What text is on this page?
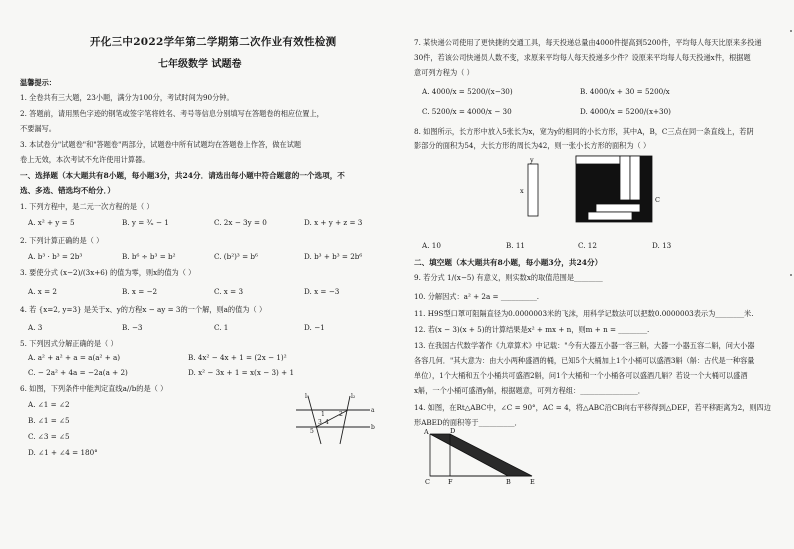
开化三中2022学年第二学期第二次作业有效性检测
七年级数学 试题卷
温馨提示：
1. 全卷共有三大题，23小题，满分为100分，考试时间为90分钟。
2. 答题前，请用黑色字迹的钢笔或签字笔将姓名、考号等信息分别填写在答题卷的相应位置上，
不要漏写。
3. 本试卷分"试题卷"和"答题卷"两部分，试题卷中所有试题均在答题卷上作答，做在试题
卷上无效，本次考试不允许使用计算器。
一、选择题（本大题共有8小题，每小题3分，共24分．请选出每小题中符合题意的一个选项，不
选、多选、错选均不给分．）
1. 下列方程中，是二元一次方程的是（ ）
A. x² + y = 5	B. y = ³⁄ₓ − 1	C. 2x − 3y = 0	D. x + y + z = 3
2. 下列计算正确的是（ ）
A. b³ · b³ = 2b³	B. b⁶ ÷ b³ = b²	C. (b²)³ = b⁶	D. b³ + b³ = 2b⁶
3. 要使分式 (x−2)/(3x+6) 的值为零，则x的值为（ ）
A. x = 2	B. x = −2	C. x = 3	D. x = −3
4. 若 {x=2, y=3} 是关于x、y的方程x − ay = 3的一个解，则a的值为（ ）
A. 3	B. −3	C. 1	D. −1
5. 下列因式分解正确的是（ ）
A. a² + a² + a = a(a² + a)	B. 4x² − 4x + 1 = (2x − 1)²
C. − 2a² + 4a = −2a(a + 2)	D. x² − 3x + 1 = x(x − 3) + 1
6. 如图，下列条件中能判定直线a//b的是（ ）
A. ∠1 = ∠2
B. ∠1 = ∠5
C. ∠3 = ∠5
D. ∠1 + ∠4 = 180°
l₁	l₂
1 2
3 4
5
a
b
7. 某快递公司使用了更快捷的交通工具，每天投递总量由4000件提高到5200件，平均每人每天比原来多投递
30件，若该公司快递员人数不变，求原来平均每人每天投递多少件？设原来平均每人每天投递x件，根据题
意可列方程为（ ）
A. 4000/x = 5200/(x−30)	B. 4000/x + 30 = 5200/x
C. 5200/x = 4000/x − 30	D. 4000/x = 5200/(x+30)
8. 如图所示，长方形中放入5张长为x，宽为y的相同的小长方形，其中A，B，C三点在同一条直线上，若阴
影部分的面积为54，大长方形的周长为42，则一张小长方形的面积为（ ）
y
x
C
A. 10	B. 11	C. 12	D. 13
二、填空题（本大题共有8小题，每小题3分，共24分）
9. 若分式 1/(x−5) 有意义，则实数x的取值范围是________
10. 分解因式：a² + 2a = __________.
11. H9S型口罩可阻隔直径为0.0000003米的飞沫，用科学记数法可以把数0.0000003表示为________米.
12. 若(x − 3)(x + 5)的计算结果是x² + mx + n，则m + n = ________.
13. 在我国古代数学著作《九章算术》中记载："今有大器五小器一容三斛，大器一小器五容二斛，问大小器
各容几何．"其大意为：由大小两种盛酒的桶，已知5个大桶加上1个小桶可以盛酒3斛（斛：古代是一种容量
单位），1个大桶和五个小桶共可盛酒2斛，问1个大桶和一个小桶各可以盛酒几斛？若设一个大桶可以盛酒
x斛，一个小桶可盛酒y斛，根据题意，可列方程组：________________．
14. 如图，在Rt△ABC中，∠C = 90°，AC = 4，将△ABC沿CB向右平移得到△DEF，若平移距离为2，则四边
形ABED的面积等于__________．
A	D
C	F	B	E
